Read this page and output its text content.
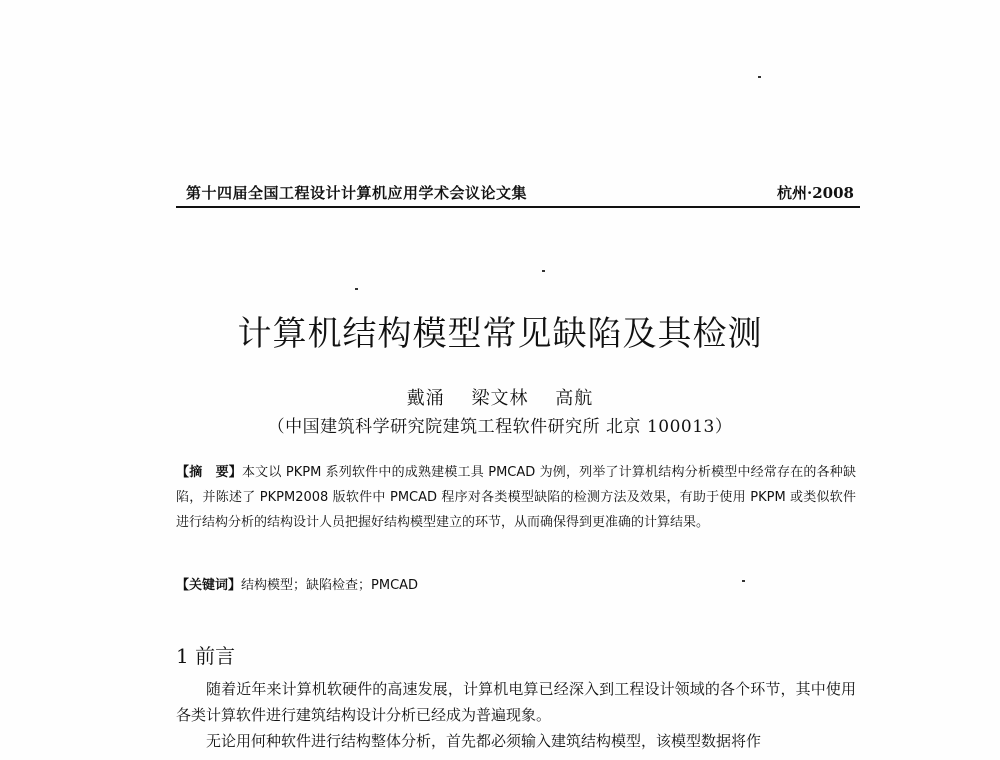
第十四届全国工程设计计算机应用学术会议论文集	杭州·2008
计算机结构模型常见缺陷及其检测
戴涌 梁文林 高航
（中国建筑科学研究院建筑工程软件研究所 北京 100013）
【摘　要】本文以 PKPM 系列软件中的成熟建模工具 PMCAD 为例，列举了计算机结构分析模型中经常存在的各种缺陷，并陈述了 PKPM2008 版软件中 PMCAD 程序对各类模型缺陷的检测方法及效果，有助于使用 PKPM 或类似软件进行结构分析的结构设计人员把握好结构模型建立的环节，从而确保得到更准确的计算结果。
【关键词】结构模型；缺陷检查；PMCAD
1 前言

随着近年来计算机软硬件的高速发展，计算机电算已经深入到工程设计领域的各个环节，其中使用各类计算软件进行建筑结构设计分析已经成为普遍现象。

无论用何种软件进行结构整体分析，首先都必须输入建筑结构模型，该模型数据将作
